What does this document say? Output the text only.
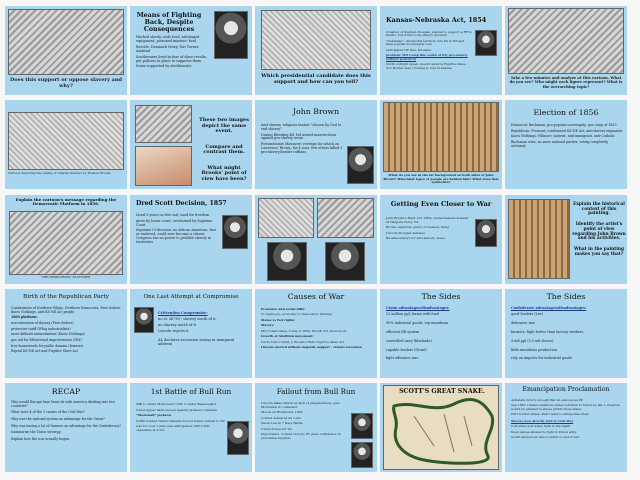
Does this support or oppose slavery and why?
Means of Fighting Back, Despite Consequences

Worked slowly, stole food, sabotaged equipment, poisoned masters' food

Revolts: Denmark Vesey, Nat Turner, Amistad

Southerners lived in fear of slave revolts, put policies in place to suppress them

Some supported by abolitionists

Which presidential candidate does this support and how can you tell?
Kansas-Nebraska Act, 1854

Creation of Stephen Douglas: wanted to support a RR to Pacific, but it had to be slavery decision

"Nebraska" - divide this territory into KS & NE and have popular sovereignty vote

anticipated NE free, KS slave

problem: MO Comp line south of KS; pro-slavery settlers poured in

North outright upset, doesn't enforce Fugitive Slave Act; Border men crossing to vote in Kansas

Take a few minutes and analyze at this cartoon. What do you see? Who might each figure represent? What is the overarching topic?
Cartoon depicting the caning of Charles Sumner by Preston Brooks
These two images depict the same event.
Compare and contrast them.
What might Brooks' point of view have been?
John Brown

Anti-slavery, religious fanatic "chosen by God to end slavery"

During Bleeding KS, led armed insurrections against pro-slavery areas

Pottawatomie Massacre: revenge for attack on Lawrence; Brown, his 4 sons, few others killed 5 pro-slavery/border ruffians

What do you see in the far background on both sides of John Brown? Who/what types of people are behind him? What does that symbolize?
Election of 1856

Democrat: Buchanan; pro-popular sovereignty, gov comp of 1850

Republican: Fremont; condemned KS-NE Act, anti-slavery expansion

Know Nothings: Fillmore; nativist, anti-immigrant, anti-Catholic

Buchanan wins, no more national parties, voting completely sectional

Explain the cartoon's message regarding the Democratic Platform in 1856.
THE DEMOCRATIC PLATFORM
Dred Scott Decision, 1857

Lived 5 years on free soil; sued for freedom

given by lower court; overturned by Supreme Court

Supreme Ct decision: no African American, free or enslaved, could ever become a citizen; Congress has no power to prohibit slavery in territories

Getting Even Closer to War

John Brown's Raid: Oct 1859, raided federal arsenal at Harpers Ferry, VA

Brown captured, guilty of treason, hung

Lincoln-Douglas debates

Became martyr for anti-slavery cause

Explain the historical context of this painting.
Identify the artist's point of view regarding John Brown and his activities.
What in the painting makes you say that?
Birth of the Republican Party

Combination of Northern Whigs, Northern Democrats, Free Soilers, Know Nothings, anti-KS-NE Act people

1860 platform:

non-extension of slavery (Free Soilers)

protective tariff (Whig industrialists)

more difficult naturalization (Know Nothings)

gov aid for RR/internal improvements (NW)

free homesteads for public domain (farmers)

Repeal KS-NE Act and Fugitive Slave Act

One Last Attempt at Compromise

Crittenden Compromise:

no sl. 36°30', slavery south of it,

no slavery north of it

Lincoln rejects it

AL declares secession wrong in inaugural address

Causes of War

Economic and social diffs:

N: rapid pop, economy; S: slave labor, farming

States vs Fed rights:

Slavery:

MO Compromise, Comp of 1850, KS-NE Act, Dred Scott

Growth of Abolition movement:

Uncle Tom's Cabin, J. Brown's Raid, Fugitive Slave Act

Lincoln elected without majority support - violent secession

The Sides

Union advantages/disadvantages:

22 million ppl; farms with food

90% industrial goods, top munitions

efficient RR system

controlled navy (blockade)

capable leaders (Grant)

fight offensive war

The Sides

Confederate advantages/disadvantages:

good leaders (Lee)

defensive war

farmers: fight better than factory workers

9 mil ppl (3.5 mil slaves)

little munitions production

rely on imports for industrial goods

RECAP

Why would Europe have been ok with America dividing into two countries?

What were 4 of the 5 causes of the Civil War?

Why was the railroad system an advantage for the Union?

Why was having a lot of farmers an advantage for the Confederacy?

Summarize the Union strategy.

Explain how the war actually began.

1st Battle of Bull Run

28K U under McDowell v 33K C under Beauregard

Union upper hand except against Jackson's brigade

"Stonewall" Jackson

9,000 Confed reinforcements forced Union retreat to DC

war for over 1 mile was anticipated; 280 2,000 casualties in 2 hrs

Fallout from Bull Run

Lincoln takes attack by lack of preparedness, gets McClellan in command

Moves on Richmond, 1862

Confed defeat at all costs

Saves Lee in 7 Days Battle

Union drives for VA

Importance: Confed victory; Rt grew confidence in prevailing supplies

SCOTT'S GREAT SNAKE.	Emancipation Proclamation

Antietam victory enough that AL announces EP

Sep 1862: Unless rebellious states returned to Union by Jan 1, freedom would be granted to slaves within those states

NOT border states, didn't want to antagonize them

Slavery now directly tied to Civil War

both sides now knew fight to the death

freed slaves allowed to fight in Union army

South allowed AL less to enlist or end of war
